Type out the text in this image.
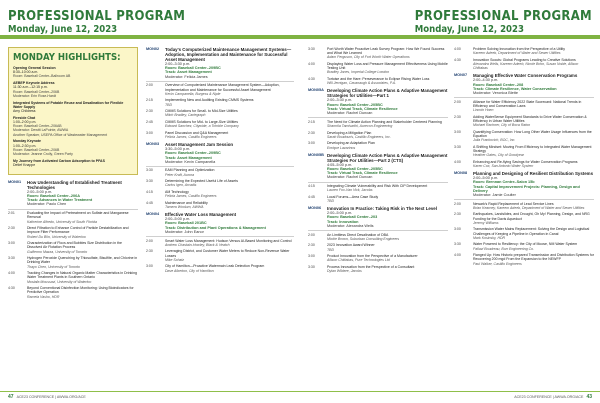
PROFESSIONAL PROGRAM
Monday, June 12, 2023
MONDAY HIGHLIGHTS:
Opening General Session
8:30–10:00 a.m.
Room: Baseball Center–Ballroom AB
AEBEP Keynote Address
11:30 a.m.–12:15 p.m.
Room: Baseball Center–206B
Moderator: Erin Rose-Hardt
Integrated Systems of Potable Reuse and Desalination for Flexible Water Supply
Amy Childress
Fireside Chat
1:00–2:00 p.m.
Room: Baseball Center–206AB
Moderator: Dewitt LaPointe, AWWA
Another Speaker, USEPA Office of Wastewater Management
Monday Keynote
1:00–2:30 p.m.
Room: Baseball Center–206B
Moderator: Jeanne Crolly, Green Party
My Journey from Activated Carbon Adsorption to PFAS
Detlef Knappe
MON01	How Understanding of Established Treatment Technologies
2:00–5:00 p.m.
Room: Baseball Center–206A
Track: Advances in Water Treatment
Moderator: Paolo Chen
2:01	Evaluating the Impact of Pretreatment on Sulfate and Manganese Removal
Katherine Alfredo, University of South Florida
2:30	Direct Filtration to Enhance Control of Particle Destabilization and Improve Filter Performance
Robert Du Blin, University of Waterloo
3:00	Characterization of Flocs and Bubbles Size Distribution in the Dissolved Air Flotation Process
Guillermo Mazza, University of Toronto
3:30	Hydrogen Peroxide Quenching by Thiosulfate, Bisulfite, and Chlorine in Drinking Water
Thayo Chen, University of Toronto
4:00	Tracking Changes in Natural Organic Matter Characteristics in Drinking Water Treatment Plants in Southern Ontario
Mostafa Moussavi, University of Waterloo
4:30	Beyond Conventional Disinfection Monitoring: Using Bioindicators for Predictive Operation
Ramela Vasho, HDR
MON02	Today's Computerized Maintenance Management Systems—Adoption, Implementation and Maintenance for Successful Asset Management
2:00–3:30 p.m.
Room: Baseball Center–209BC
Track: Asset Management
Moderator: Felicia James
2:00	Overview of Computerized Maintenance Management System—Adoption, Implementation and Maintenance for Successful Asset Management
Kevin Campanella, Burgess & Niple
2:15	Implementing New and Auditing Existing CMMS Systems
TBD
2:30	CMMS Solutions for Small- to Mid-Size Utilities
Mitch Bradley, Cartegraph
2:45	CMMS Solutions for Mid- to Large-Size Utilities
Edward Sanchez, Citywide, a Trimble Company
3:00	Panel Discussion and Q&A Management
Felicia James, Castillo Engineers
MON03	Asset Management Jam Session
3:30–5:00 p.m.
Room: Baseball Center–209BC
Track: Asset Management
Moderator: Kevin Campanella
3:30	EAM Planning and Optimization
Peter Kraft, Aurora
3:30	Determining the Expected Useful Life of Assets
Carlos Igen, Arcadis
4:15	AM Technology
Felicia James, Castillo Engineers
4:45	Maintenance and Reliability
Tamera Woolum, AWWA
MON04	Effective Water Loss Management
2:00–5:00 p.m.
Room: Baseball 201BC
Track: Distribution and Plant Operations & Management
Moderator: John Eanor
2:00	Smart Water Loss Management: Hudson Versus AI-Based Monitoring and Control
Andrew Chastain-Howley, Black & Veatch
2:30	Leveraging District, and Customer Water Meters to Reduce Non-Revenue Water Losses
Mike Schatz
3:00	City of Hamilton—Proactive Watermain Leak Detection Program
Dave Alberton, City of Hamilton
47 ACE23 CONFERENCE | AWWA.ORG/ACE
PROFESSIONAL PROGRAM
Monday, June 12, 2023
3:30	Port Worth Water Proactive Leak Survey Program: How We Found Success and What We Learned
Adam Ferguson, City of Fort Worth Water Operations
4:00	Displaying Water Loss and Pressure Management Effectiveness Using Mobile Testing Unit
Bradley Jones, Imperial College London
4:30	Tortoise and the Hare: Perseverance to Eclipse Rising Water Loss
Will Jernigan, Cavanaugh & Associates, P.A.
MON05A Developing Climate Action Plans & Adaptive Management Strategies for Utilities—Part 1
2:00–3:30 p.m.
Room: Baseball Center–205BC
Track: Virtual Track, Climate Resilience
Moderator: Rachel Duncan
2:15	The Need for Climate Action Planning and Stakeholder Centered Planning
Sharmila Tamisarthi, Aurecon Engineering
2:30	Developing a Mitigation Plan
Sarah Boudouris, Castillo Engineers, Inc.
3:00	Developing an Adaptation Plan
Enrique Lazarinos
MON05B Developing Climate Action Plans & Adaptive Management Strategies For Utilities—Part 2 (CTS)
4:05–5:00 p.m.
Room: Baseball Center–205BC
Track: Virtual Track, Climate Resilience
Moderator: Rachel Duncan
4:15	Integrating Climate Vulnerability and Risk With CIP Development
Lauren Fox-Van Vick, Jacobs
4:45	Local Forums—Area Case Study
TBD
MON06	Innovation In Practice: Taking Risk in The Next Level
2:00–5:00 p.m.
Room: Baseball Center–203
Track: Innovation
Moderator: Alexandra Wells
2:00	An Limitless Direct Desalination of DBA
Mickie Brown, Suburban Consulting Engineers
2:30	2023 Innovation Award Winner
TBD
3:00	Product Innovation from the Perspective of a Manufacturer
Allison Chittabas, Pure Technologies Ltd
3:30	Process Innovation from the Perspective of a Consultant
Dylan Wildere, Jacobs
4:00	Problem Solving Innovation from the Perspective of a Utility
Kareem Adeeb, Department of Water and Sewer Utilities
4:30	Innovation Scouts: Global Programs Leading to Creative Solutions
Alexandra Wells, Kareem Adeeb, Nicole Brion, Susan Noble, Allison Chittabas
MON07	Managing Effective Water Conservation Programs
2:00–4:30 p.m.
Room: Baseball Center–208
Track: Climate Resilience, Water Conservation
Moderator: Veronica Blette
2:00	Alliance for Water Efficiency 2022 State Scorecard: National Trends in Efficiency and Conservation Laws
Lincoln Hoen
2:30	Adding WaterSense Equipment Standards to Drive Water Conservation & Efficiency in Urban Water Utilities
Michael Rachner, City of Boca Raton
3:00	Quantifying Conservation: How Long Other Water Usage Influences from the Equation
Julia Frankovich, BOC, Inc.
3:30	A Shifting Mindset: Moving From Efficiency to Integrated Water Management Strategy
Heather Gates, City of Goodyear
4:00	Enhancing and Re-flying Savings for Water Conservation Programs
Karen Cox, San Antonio Water System
MON08	Planning and Designing of Resilient Distribution Systems
2:00–5:00 p.m.
Room: Brennan Centre–Salon 15b
Track: Capital Improvement Projects: Planning, Design and Delivery
Moderator: Jamie Coulter
2:00	Newark's Rapid Replacement of Lead Service Lines
Brian Kearney, Kareem Adeeb, Department of Water and Sewer Utilities
2:30	Earthquakes, Landslides, and Drought, Oh My! Planning, Design, and NRG Funding for the Davis Aqueduct
Jeremy Williams
3:00	Transmission Water Mains Replacement: Solving the Design and Logistical Challenges of Keeping a Pipeline in Operation in Canal
Mark Kosinsky, HDR
3:30	Water Powered to Resiliency: the City of Moose, NM Water System
Pallavi Boudreau, Burr Engineering Co.
4:00	Flanged Up: How Historic prepared Transmission and Distribution Systems for Recovering 200 mgd From the Expansion to the NEWFP
Paul Walker, Castillo Engineers
ACE23 CONFERENCE | AWWA.ORG/ACE 43
